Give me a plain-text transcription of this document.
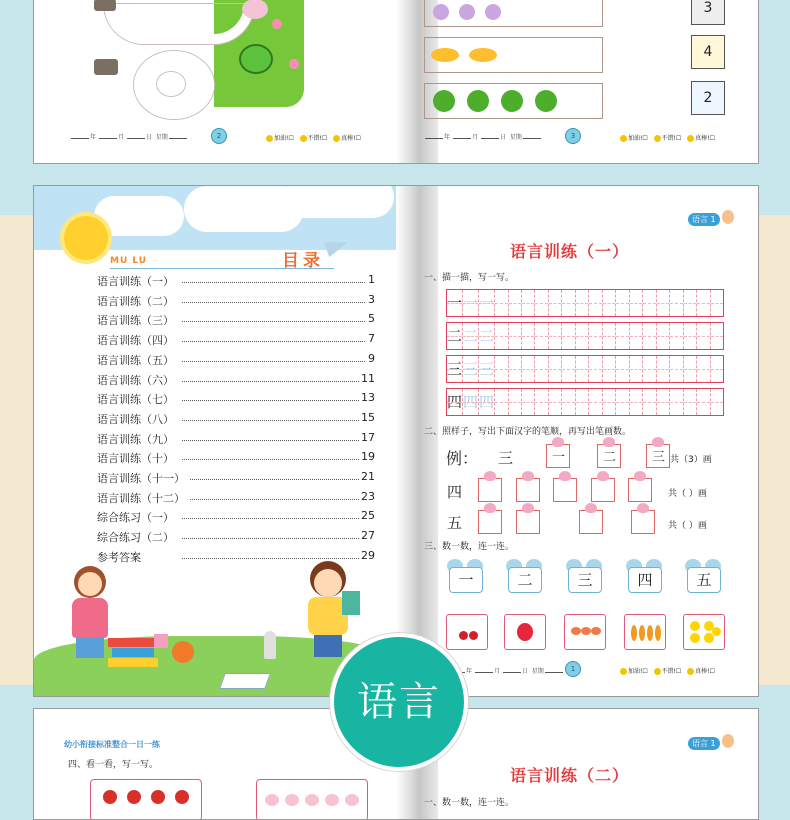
年	月	日 星期	2	加油!☐ 不错!☐ 真棒!☐
3
4
2
年	月	日 星期	3	加油!☐ 不错!☐ 真棒!☐
MU LU	目录
语言训练（一）	1
语言训练（二）	3
语言训练（三）	5
语言训练（四）	7
语言训练（五）	9
语言训练（六）	11
语言训练（七）	13
语言训练（八）	15
语言训练（九）	17
语言训练（十）	19
语言训练（十一）	21
语言训练（十二）	23
综合练习（一）	25
综合练习（二）	27
参考答案	29
语言 1
语言训练（一）
一、描一描，写一写。
一 一 一
二 二 二
三 三 三
四 四 四
二、照样子，写出下面汉字的笔顺，再写出笔画数。
例： 三	一	二	三 共（3）画
四	共（ ）画
五	共（ ）画
三、数一数，连一连。
一	二	三	四	五
年	月	日 星期	1	加油!☐ 不错!☐ 真棒!☐
幼小衔接标准整合一日一练
四、看一看，写一写。
语言 1
语言训练（二）
一、数一数，连一连。
语言
